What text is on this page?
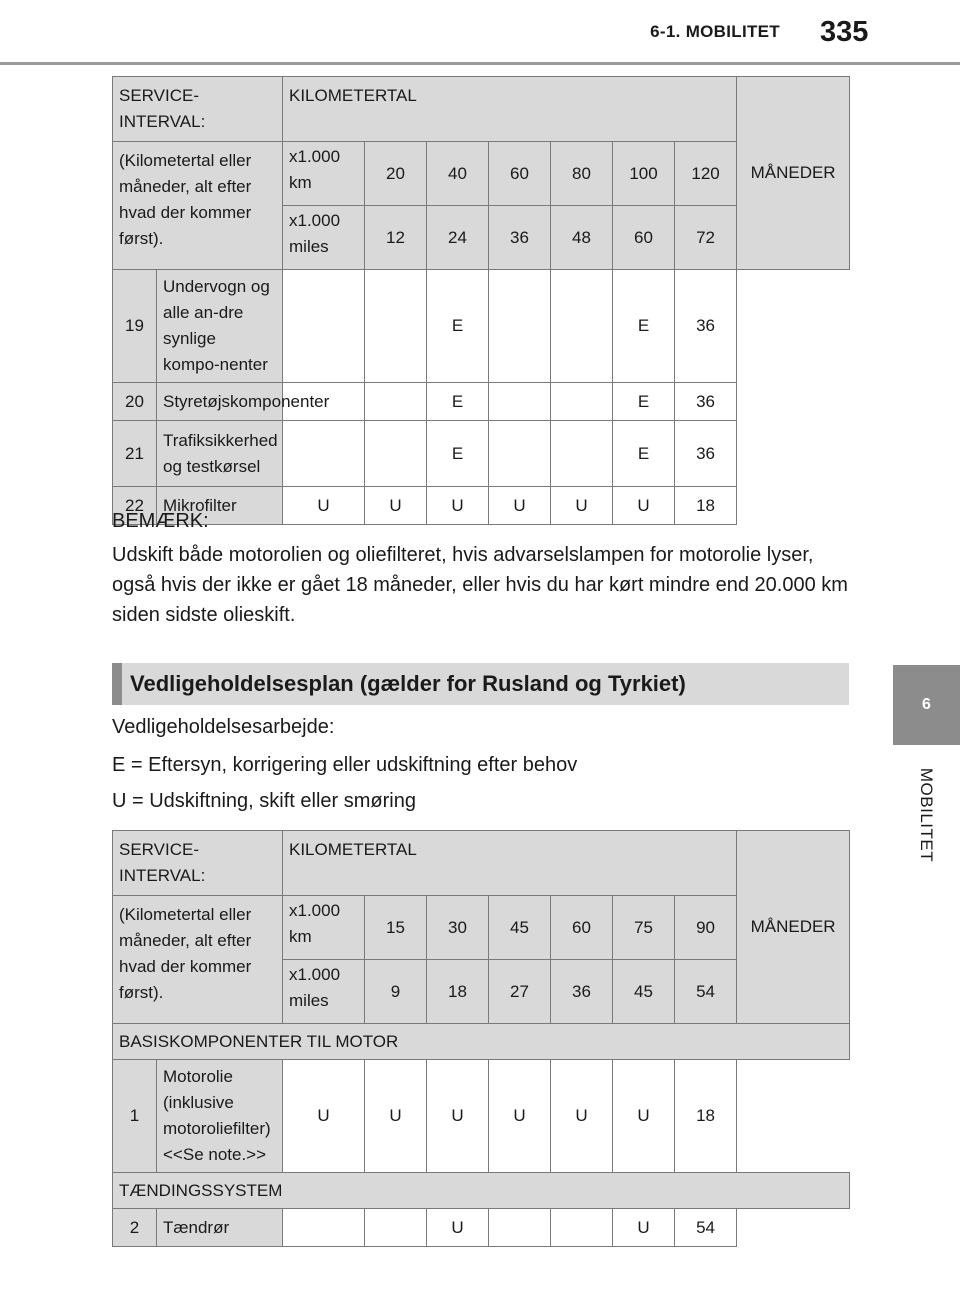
6-1. MOBILITET 335
6
MOBILITET
SERVICE-INTERVAL:		KILOMETERTAL							MÅNEDER
(Kilometertal eller måneder, alt efter hvad der kommer først).		x1.000 km	20	40	60	80	100	120	
		x1.000 miles	12	24	36	48	60	72	
19	Undervogn og alle an-dre synlige kompo-nenter			E			E	36	
20	Styretøjskomponenter			E			E	36	
21	Trafiksikkerhed og testkørsel			E			E	36	
22	Mikrofilter	U	U	U	U	U	U	18	
BEMÆRK:
Udskift både motorolien og oliefilteret, hvis advarselslampen for motorolie lyser, også hvis der ikke er gået 18 måneder, eller hvis du har kørt mindre end 20.000 km siden sidste olieskift.
Vedligeholdelsesplan (gælder for Rusland og Tyrkiet)
Vedligeholdelsesarbejde:
E = Eftersyn, korrigering eller udskiftning efter behov
U = Udskiftning, skift eller smøring
SERVICE-INTERVAL:		KILOMETERTAL							MÅNEDER
(Kilometertal eller måneder, alt efter hvad der kommer først).		x1.000 km	15	30	45	60	75	90	
		x1.000 miles	9	18	27	36	45	54	
BASISKOMPONENTER TIL MOTOR									
1	Motorolie (inklusive motoroliefilter) <<Se note.>>	U	U	U	U	U	U	18	
TÆNDINGSSYSTEM									
2	Tændrør			U			U	54	
